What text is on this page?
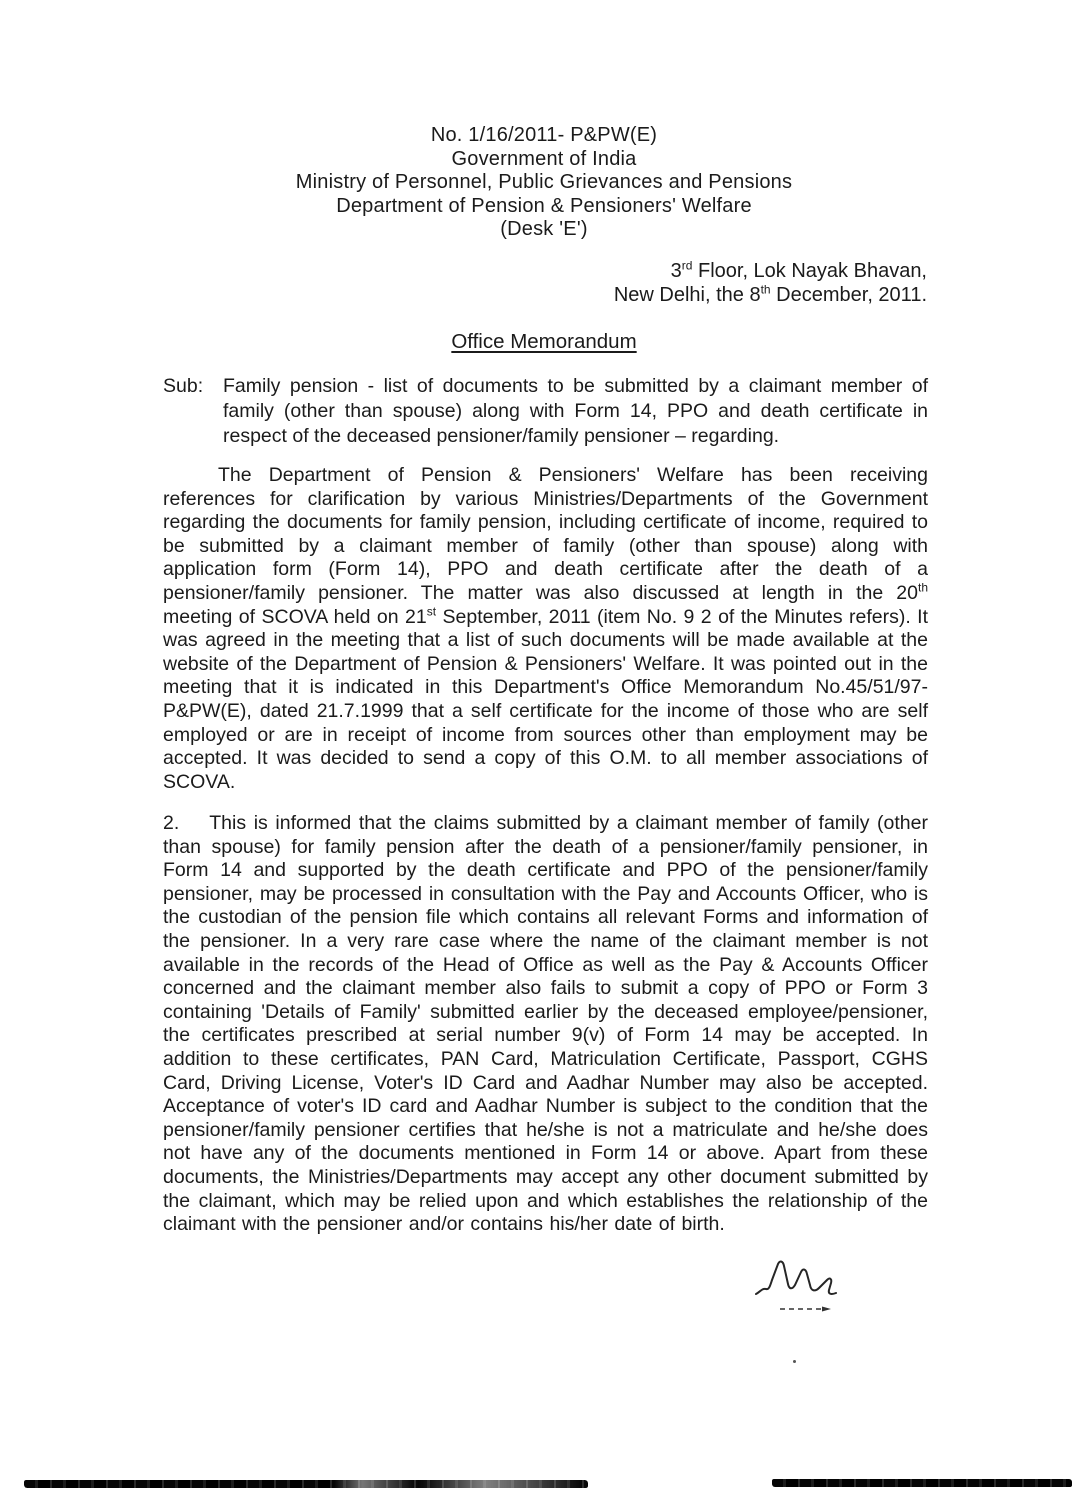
No. 1/16/2011- P&PW(E)
Government of India
Ministry of Personnel, Public Grievances and Pensions
Department of Pension & Pensioners' Welfare
(Desk 'E')
3rd Floor, Lok Nayak Bhavan,
New Delhi, the 8th December, 2011.
Office Memorandum
Sub:	Family pension - list of documents to be submitted by a claimant member of family (other than spouse) along with Form 14, PPO and death certificate in respect of the deceased pensioner/family pensioner – regarding.

The Department of Pension & Pensioners' Welfare has been receiving references for clarification by various Ministries/Departments of the Government regarding the documents for family pension, including certificate of income, required to be submitted by a claimant member of family (other than spouse) along with application form (Form 14), PPO and death certificate after the death of a pensioner/family pensioner. The matter was also discussed at length in the 20th meeting of SCOVA held on 21st September, 2011 (item No. 9 2 of the Minutes refers). It was agreed in the meeting that a list of such documents will be made available at the website of the Department of Pension & Pensioners' Welfare. It was pointed out in the meeting that it is indicated in this Department's Office Memorandum No.45/51/97-P&PW(E), dated 21.7.1999 that a self certificate for the income of those who are self employed or are in receipt of income from sources other than employment may be accepted. It was decided to send a copy of this O.M. to all member associations of SCOVA.

2. This is informed that the claims submitted by a claimant member of family (other than spouse) for family pension after the death of a pensioner/family pensioner, in Form 14 and supported by the death certificate and PPO of the pensioner/family pensioner, may be processed in consultation with the Pay and Accounts Officer, who is the custodian of the pension file which contains all relevant Forms and information of the pensioner. In a very rare case where the name of the claimant member is not available in the records of the Head of Office as well as the Pay & Accounts Officer concerned and the claimant member also fails to submit a copy of PPO or Form 3 containing 'Details of Family' submitted earlier by the deceased employee/pensioner, the certificates prescribed at serial number 9(v) of Form 14 may be accepted. In addition to these certificates, PAN Card, Matriculation Certificate, Passport, CGHS Card, Driving License, Voter's ID Card and Aadhar Number may also be accepted. Acceptance of voter's ID card and Aadhar Number is subject to the condition that the pensioner/family pensioner certifies that he/she is not a matriculate and he/she does not have any of the documents mentioned in Form 14 or above. Apart from these documents, the Ministries/Departments may accept any other document submitted by the claimant, which may be relied upon and which establishes the relationship of the claimant with the pensioner and/or contains his/her date of birth.
